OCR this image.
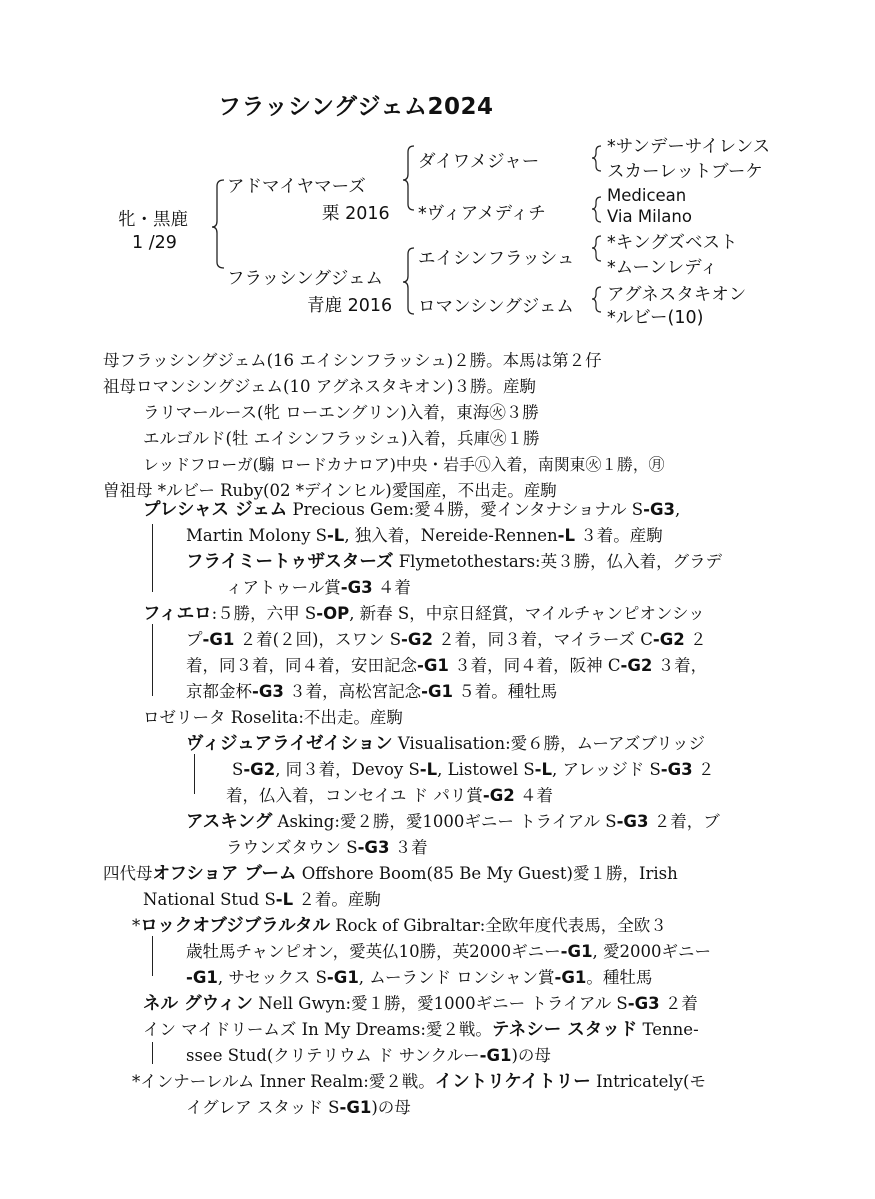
フラッシングジェム2024
牝・黒鹿
1 /29
アドマイヤマーズ
栗 2016
フラッシングジェム
青鹿 2016
ダイワメジャー
*ヴィアメディチ
エイシンフラッシュ
ロマンシングジェム
*サンデーサイレンス
スカーレットブーケ
Medicean
Via Milano
*キングズベスト
*ムーンレディ
アグネスタキオン
*ルビー(10)
母フラッシングジェム(16 エイシンフラッシュ)２勝。本馬は第２仔
祖母ロマンシングジェム(10 アグネスタキオン)３勝。産駒
ラリマールース(牝 ローエングリン)入着，東海㊋３勝
エルゴルド(牡 エイシンフラッシュ)入着，兵庫㊋１勝
レッドフローガ(騸 ロードカナロア)中央・岩手㊇入着，南関東㊋１勝，㊊
曽祖母 *ルビー Ruby(02 *デインヒル)愛国産，不出走。産駒
プレシャス ジェム Precious Gem:愛４勝，愛インタナショナル S-G3,
Martin Molony S-L, 独入着，Nereide-Rennen-L ３着。産駒
フライミートゥザスターズ Flymetothestars:英３勝，仏入着，グラデ
ィアトゥール賞-G3 ４着
フィエロ:５勝，六甲 S-OP, 新春 S，中京日経賞，マイルチャンピオンシッ
プ-G1 ２着(２回)，スワン S-G2 ２着，同３着，マイラーズ C-G2 ２
着，同３着，同４着，安田記念-G1 ３着，同４着，阪神 C-G2 ３着，
京都金杯-G3 ３着，高松宮記念-G1 ５着。種牡馬
ロゼリータ Roselita:不出走。産駒
ヴィジュアライゼイション Visualisation:愛６勝，ムーアズブリッジ
S-G2, 同３着，Devoy S-L, Listowel S-L, アレッジド S-G3 ２
着，仏入着，コンセイユ ド パリ賞-G2 ４着
アスキング Asking:愛２勝，愛1000ギニー トライアル S-G3 ２着，ブ
ラウンズタウン S-G3 ３着
四代母オフショア ブーム Offshore Boom(85 Be My Guest)愛１勝，Irish
National Stud S-L ２着。産駒
*ロックオブジブラルタル Rock of Gibraltar:全欧年度代表馬，全欧３
歳牡馬チャンピオン，愛英仏10勝，英2000ギニー-G1, 愛2000ギニー
-G1, サセックス S-G1, ムーランド ロンシャン賞-G1。種牡馬
ネル グウィン Nell Gwyn:愛１勝，愛1000ギニー トライアル S-G3 ２着
イン マイドリームズ In My Dreams:愛２戦。テネシー スタッド Tenne-
ssee Stud(クリテリウム ド サンクルー-G1)の母
*インナーレルム Inner Realm:愛２戦。イントリケイトリー Intricately(モ
イグレア スタッド S-G1)の母
